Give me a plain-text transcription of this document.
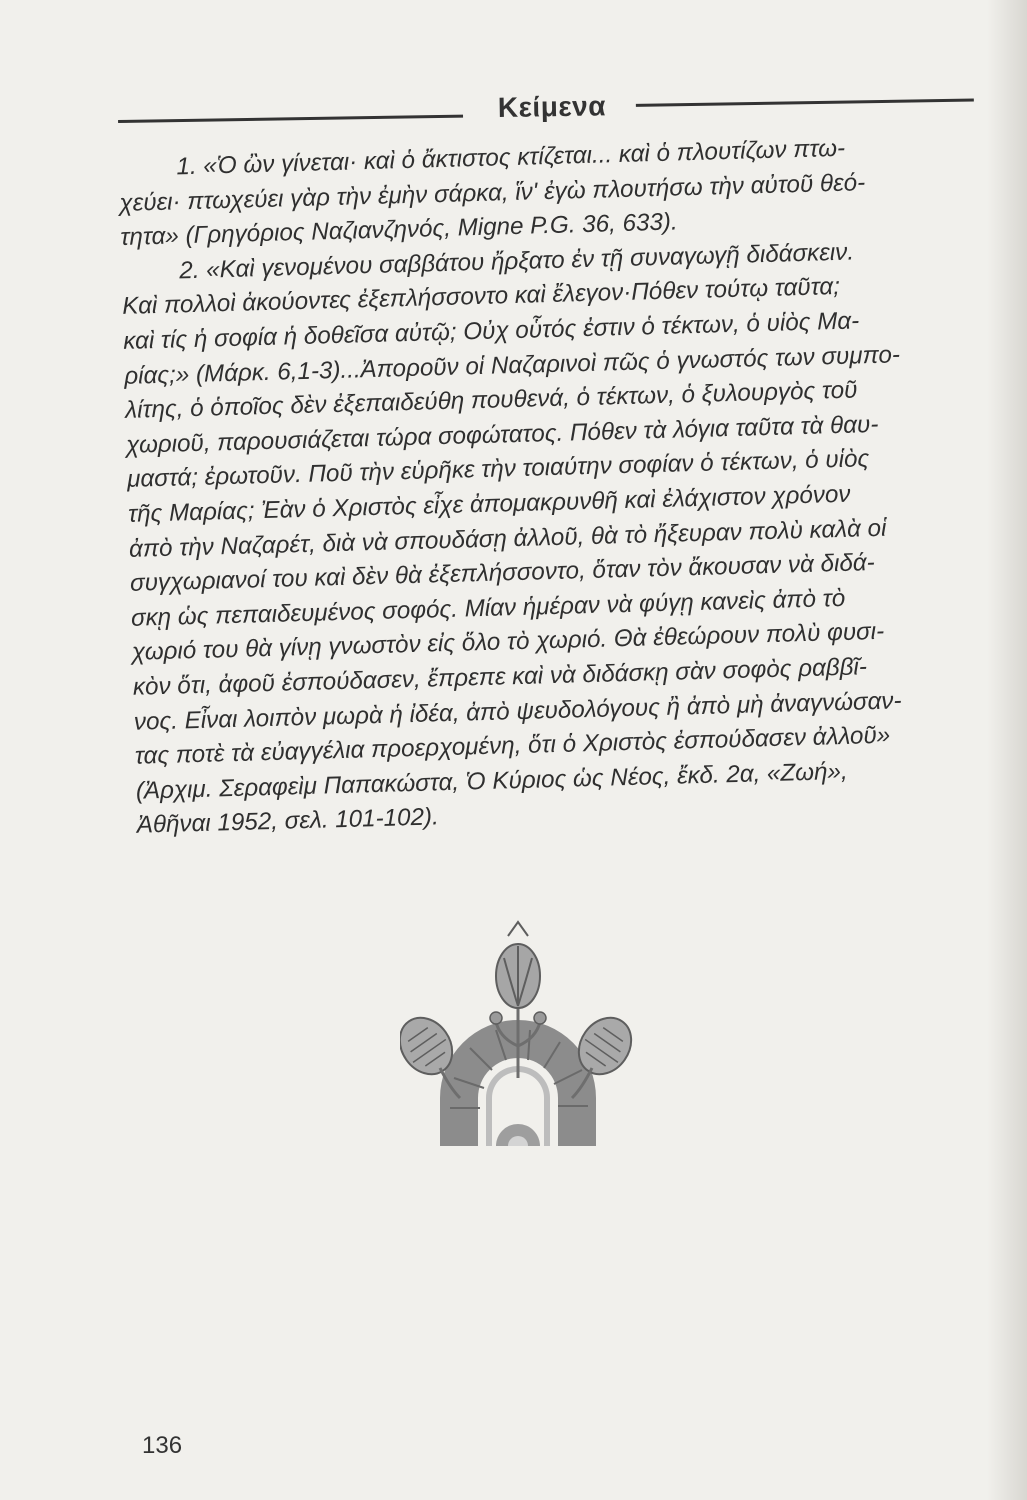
Κείμενα
1. «Ὁ ὢν γίνεται· καὶ ὁ ἄκτιστος κτίζεται... καὶ ὁ πλουτίζων πτω-
χεύει· πτωχεύει γὰρ τὴν ἐμὴν σάρκα, ἵν' ἐγὼ πλουτήσω τὴν αὐτοῦ θεό-
τητα» (Γρηγόριος Ναζιανζηνός, Migne P.G. 36, 633).
2. «Καὶ γενομένου σαββάτου ἤρξατο ἐν τῇ συναγωγῇ διδάσκειν.
Καὶ πολλοὶ ἀκούοντες ἐξεπλήσσοντο καὶ ἔλεγον·Πόθεν τούτῳ ταῦτα;
καὶ τίς ἡ σοφία ἡ δοθεῖσα αὐτῷ; Οὐχ οὗτός ἐστιν ὁ τέκτων, ὁ υἱὸς Μα-
ρίας;» (Μάρκ. 6,1-3)...Ἀποροῦν οἱ Ναζαρινοὶ πῶς ὁ γνωστός των συμπο-
λίτης, ὁ ὁποῖος δὲν ἐξεπαιδεύθη πουθενά, ὁ τέκτων, ὁ ξυλουργὸς τοῦ
χωριοῦ, παρουσιάζεται τώρα σοφώτατος. Πόθεν τὰ λόγια ταῦτα τὰ θαυ-
μαστά; ἐρωτοῦν. Ποῦ τὴν εὑρῆκε τὴν τοιαύτην σοφίαν ὁ τέκτων, ὁ υἱὸς
τῆς Μαρίας; Ἐὰν ὁ Χριστὸς εἶχε ἀπομακρυνθῆ καὶ ἐλάχιστον χρόνον
ἀπὸ τὴν Ναζαρέτ, διὰ νὰ σπουδάσῃ ἀλλοῦ, θὰ τὸ ἤξευραν πολὺ καλὰ οἱ
συγχωριανοί του καὶ δὲν θὰ ἐξεπλήσσοντο, ὅταν τὸν ἄκουσαν νὰ διδά-
σκῃ ὡς πεπαιδευμένος σοφός. Μίαν ἡμέραν νὰ φύγῃ κανεὶς ἀπὸ τὸ
χωριό του θὰ γίνῃ γνωστὸν εἰς ὅλο τὸ χωριό. Θὰ ἐθεώρουν πολὺ φυσι-
κὸν ὅτι, ἀφοῦ ἐσπούδασεν, ἔπρεπε καὶ νὰ διδάσκῃ σὰν σοφὸς ραββῖ-
νος. Εἶναι λοιπὸν μωρὰ ἡ ἰδέα, ἀπὸ ψευδολόγους ἢ ἀπὸ μὴ ἀναγνώσαν-
τας ποτὲ τὰ εὐαγγέλια προερχομένη, ὅτι ὁ Χριστὸς ἐσπούδασεν ἀλλοῦ»
(Ἀρχιμ. Σεραφεὶμ Παπακώστα, Ὁ Κύριος ὡς Νέος, ἔκδ. 2α, «Ζωή»,
Ἀθῆναι 1952, σελ. 101-102).
136
